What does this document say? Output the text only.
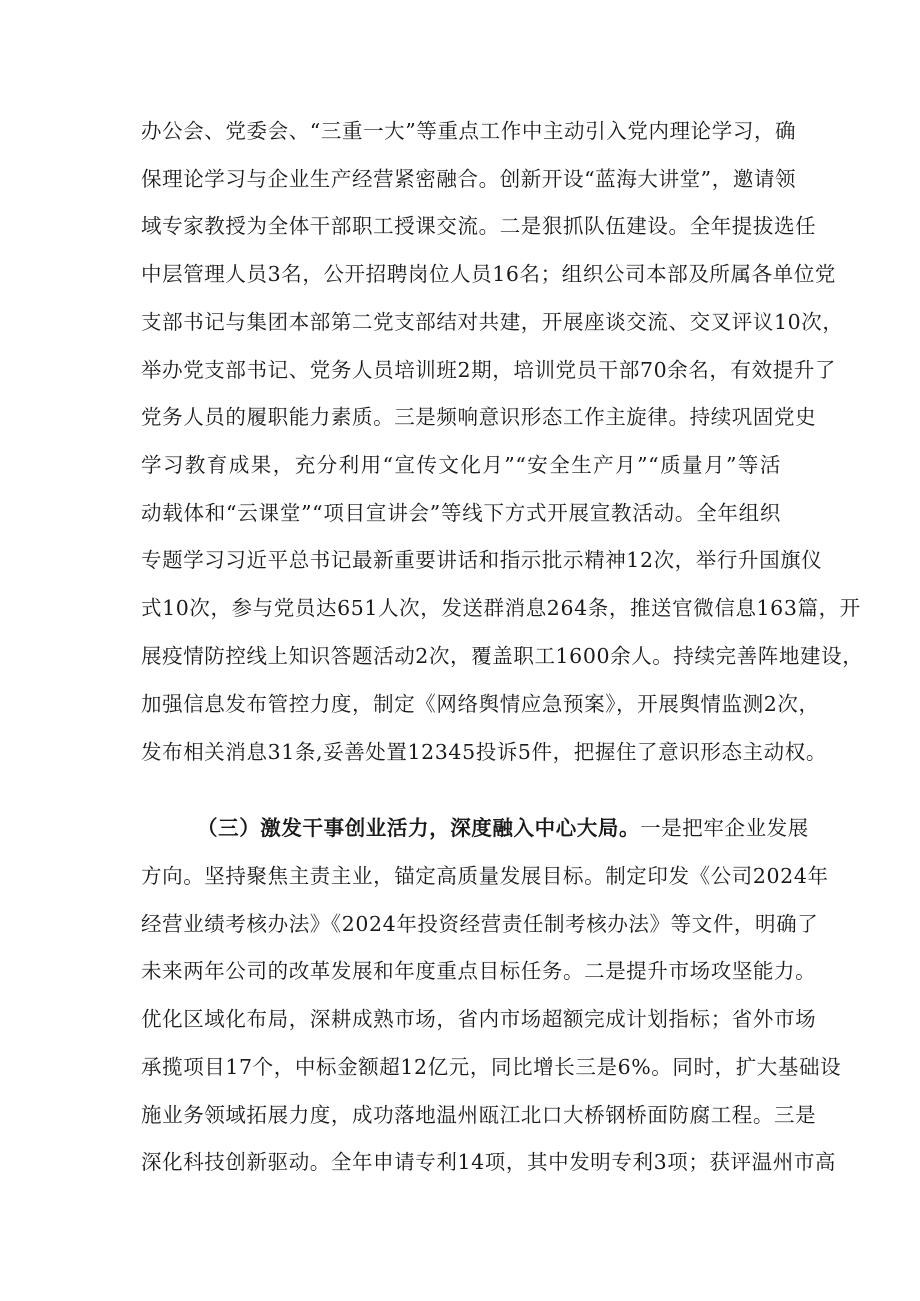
办公会、党委会、“三重一大”等重点工作中主动引入党内理论学习，确
保理论学习与企业生产经营紧密融合。创新开设“蓝海大讲堂”，邀请领
域专家教授为全体干部职工授课交流。二是狠抓队伍建设。全年提拔选任
中层管理人员3名，公开招聘岗位人员16名；组织公司本部及所属各单位党
支部书记与集团本部第二党支部结对共建，开展座谈交流、交叉评议10次，
举办党支部书记、党务人员培训班2期，培训党员干部70余名，有效提升了
党务人员的履职能力素质。三是频响意识形态工作主旋律。持续巩固党史
学习教育成果，充分利用“宣传文化月”“安全生产月”“质量月”等活
动载体和“云课堂”“项目宣讲会”等线下方式开展宣教活动。全年组织
专题学习习近平总书记最新重要讲话和指示批示精神12次，举行升国旗仪
式10次，参与党员达651人次，发送群消息264条，推送官微信息163篇，开
展疫情防控线上知识答题活动2次，覆盖职工1600余人。持续完善阵地建设，
加强信息发布管控力度，制定《网络舆情应急预案》，开展舆情监测2次，
发布相关消息31条,妥善处置12345投诉5件，把握住了意识形态主动权。
（三）激发干事创业活力，深度融入中心大局。一是把牢企业发展
方向。坚持聚焦主责主业，锚定高质量发展目标。制定印发《公司2024年
经营业绩考核办法》《2024年投资经营责任制考核办法》等文件，明确了
未来两年公司的改革发展和年度重点目标任务。二是提升市场攻坚能力。
优化区域化布局，深耕成熟市场，省内市场超额完成计划指标；省外市场
承揽项目17个，中标金额超12亿元，同比增长三是6%。同时，扩大基础设
施业务领域拓展力度，成功落地温州瓯江北口大桥钢桥面防腐工程。三是
深化科技创新驱动。全年申请专利14项，其中发明专利3项；获评温州市高
